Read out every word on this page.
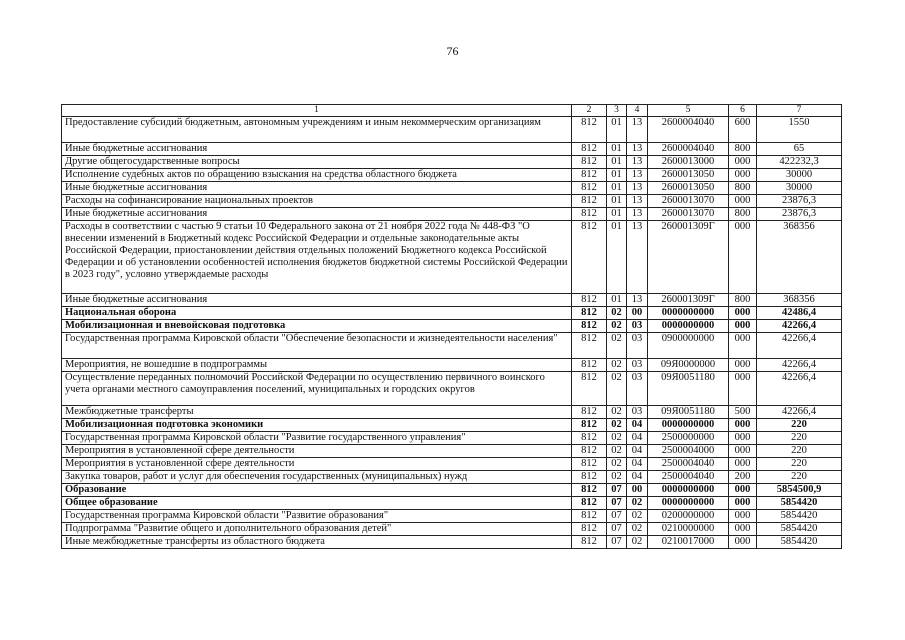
76
1	2	3	4	5	6	7
Предоставление субсидий бюджетным, автономным учреждениям и иным некоммерческим организациям	812	01	13	2600004040	600	1550
Иные бюджетные ассигнования	812	01	13	2600004040	800	65
Другие общегосударственные вопросы	812	01	13	2600013000	000	422232,3
Исполнение судебных актов по обращению взыскания на средства областного бюджета	812	01	13	2600013050	000	30000
Иные бюджетные ассигнования	812	01	13	2600013050	800	30000
Расходы на софинансирование национальных проектов	812	01	13	2600013070	000	23876,3
Иные бюджетные ассигнования	812	01	13	2600013070	800	23876,3
Расходы в соответствии с частью 9 статьи 10 Федерального закона от 21 ноября 2022 года № 448-ФЗ "О внесении изменений в Бюджетный кодекс Российской Федерации и отдельные законодательные акты Российской Федерации, приостановлении действия отдельных положений Бюджетного кодекса Российской Федерации и об установлении особенностей исполнения бюджетов бюджетной системы Российской Федерации в 2023 году", условно утверждаемые расходы	812	01	13	260001309Г	000	368356
Иные бюджетные ассигнования	812	01	13	260001309Г	800	368356
Национальная оборона	812	02	00	0000000000	000	42486,4
Мобилизационная и вневойсковая подготовка	812	02	03	0000000000	000	42266,4
Государственная программа Кировской области "Обеспечение безопасности и жизнедеятельности населения"	812	02	03	0900000000	000	42266,4
Мероприятия, не вошедшие в подпрограммы	812	02	03	09Я0000000	000	42266,4
Осуществление переданных полномочий Российской Федерации по осуществлению первичного воинского учета органами местного самоуправления поселений, муниципальных и городских округов	812	02	03	09Я0051180	000	42266,4
Межбюджетные трансферты	812	02	03	09Я0051180	500	42266,4
Мобилизационная подготовка экономики	812	02	04	0000000000	000	220
Государственная программа Кировской области "Развитие государственного управления"	812	02	04	2500000000	000	220
Мероприятия в установленной сфере деятельности	812	02	04	2500004000	000	220
Мероприятия в установленной сфере деятельности	812	02	04	2500004040	000	220
Закупка товаров, работ и услуг для обеспечения государственных (муниципальных) нужд	812	02	04	2500004040	200	220
Образование	812	07	00	0000000000	000	5854500,9
Общее образование	812	07	02	0000000000	000	5854420
Государственная программа Кировской области "Развитие образования"	812	07	02	0200000000	000	5854420
Подпрограмма "Развитие общего и дополнительного образования детей"	812	07	02	0210000000	000	5854420
Иные межбюджетные трансферты из областного бюджета	812	07	02	0210017000	000	5854420
